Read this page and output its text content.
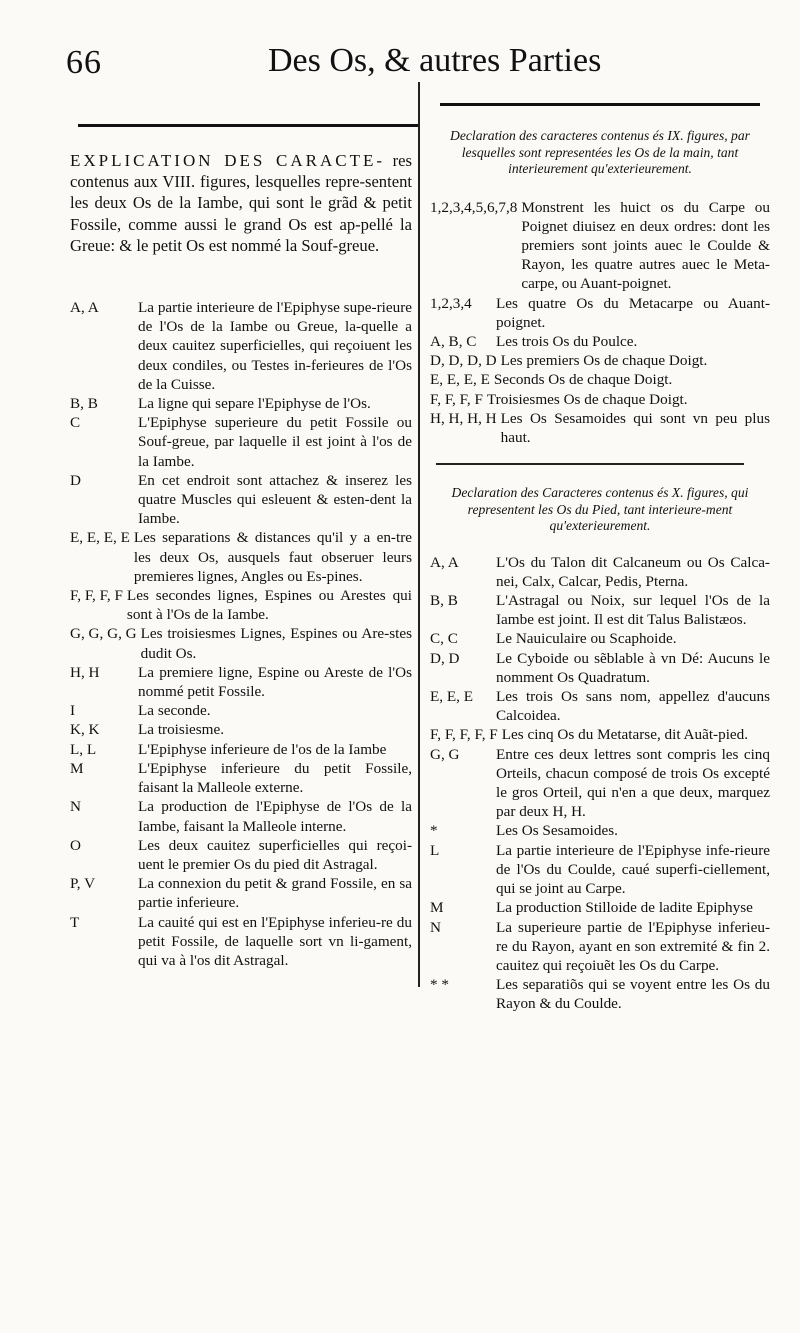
66	Des Os, & autres Parties
EXPLICATION DES CARACTE- res contenus aux VIII. figures, lesquelles repre-sentent les deux Os de la Iambe, qui sont le grãd & petit Fossile, comme aussi le grand Os est ap-pellé la Greue: & le petit Os est nommé la Souf-greue.
A, A	La partie interieure de l'Epiphyse supe-rieure de l'Os de la Iambe ou Greue, la-quelle a deux cauitez superficielles, qui reçoiuent les deux condiles, ou Testes in-ferieures de l'Os de la Cuisse.
B, B	La ligne qui separe l'Epiphyse de l'Os.
C	L'Epiphyse superieure du petit Fossile ou Souf-greue, par laquelle il est joint à l'os de la Iambe.
D	En cet endroit sont attachez & inserez les quatre Muscles qui esleuent & esten-dent la Iambe.
E, E, E, E Les separations & distances qu'il y a en-tre les deux Os, ausquels faut obseruer leurs premieres lignes, Angles ou Es-pines.
F, F, F, F Les secondes lignes, Espines ou Arestes qui sont à l'Os de la Iambe.
G, G, G, G Les troisiesmes Lignes, Espines ou Are-stes dudit Os.
H, H	La premiere ligne, Espine ou Areste de l'Os nommé petit Fossile.
I	La seconde.
K, K	La troisiesme.
L, L	L'Epiphyse inferieure de l'os de la Iambe
M	L'Epiphyse inferieure du petit Fossile, faisant la Malleole externe.
N	La production de l'Epiphyse de l'Os de la Iambe, faisant la Malleole interne.
O	Les deux cauitez superficielles qui reçoi-uent le premier Os du pied dit Astragal.
P, V	La connexion du petit & grand Fossile, en sa partie inferieure.
T	La cauité qui est en l'Epiphyse inferieu-re du petit Fossile, de laquelle sort vn li-gament, qui va à l'os dit Astragal.
Declaration des caracteres contenus és IX. figures, par lesquelles sont representées les Os de la main, tant interieurement qu'exterieurement.
1,2,3,4,5,6,7,8 Monstrent les huict os du Carpe ou Poignet diuisez en deux ordres: dont les premiers sont joints auec le Coulde & Rayon, les quatre autres auec le Meta-carpe, ou Auant-poignet.
1,2,3,4	Les quatre Os du Metacarpe ou Auant-poignet.
A, B, C	Les trois Os du Poulce.
D, D, D, D Les premiers Os de chaque Doigt.
E, E, E, E Seconds Os de chaque Doigt.
F, F, F, F Troisiesmes Os de chaque Doigt.
H, H, H, H Les Os Sesamoides qui sont vn peu plus haut.
Declaration des Caracteres contenus és X. figures, qui representent les Os du Pied, tant interieure-ment qu'exterieurement.
A, A	L'Os du Talon dit Calcaneum ou Os Calca-nei, Calx, Calcar, Pedis, Pterna.
B, B	L'Astragal ou Noix, sur lequel l'Os de la Iambe est joint. Il est dit Talus Balistæos.
C, C	Le Nauiculaire ou Scaphoide.
D, D	Le Cyboide ou sẽblable à vn Dé: Aucuns le nomment Os Quadratum.
E, E, E	Les trois Os sans nom, appellez d'aucuns Calcoidea.
F, F, F, F, F Les cinq Os du Metatarse, dit Auãt-pied.
G, G	Entre ces deux lettres sont compris les cinq Orteils, chacun composé de trois Os excepté le gros Orteil, qui n'en a que deux, marquez par deux H, H.
*	Les Os Sesamoides.
L	La partie interieure de l'Epiphyse infe-rieure de l'Os du Coulde, caué superfi-ciellement, qui se joint au Carpe.
M	La production Stilloide de ladite Epiphyse
N	La superieure partie de l'Epiphyse inferieu-re du Rayon, ayant en son extremité & fin 2. cauitez qui reçoiuẽt les Os du Carpe.
* *	Les separatiõs qui se voyent entre les Os du Rayon & du Coulde.
